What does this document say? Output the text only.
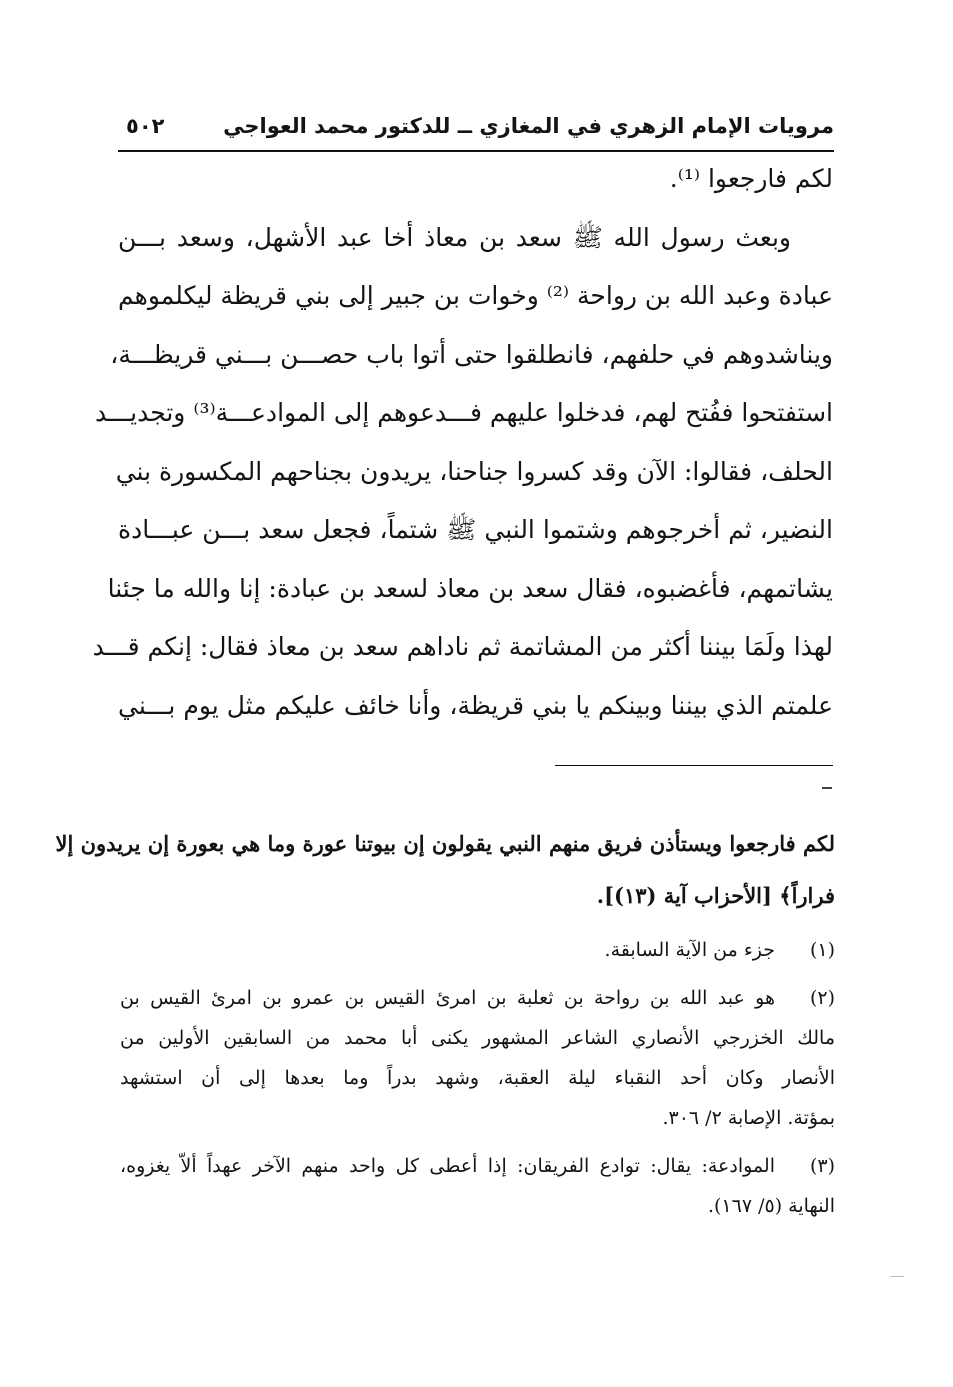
مرويات الإمام الزهري في المغازي ــ للدكتور محمد العواجي
٥٠٢
لكم فارجعوا ⁽¹⁾.
وبعث رسول الله ﷺ سعد بن معاذ أخا عبد الأشهل، وسعد بـــن
عبادة وعبد الله بن رواحة ⁽²⁾ وخوات بن جبير إلى بني قريظة ليكلموهم
ويناشدوهم في حلفهم، فانطلقوا حتى أتوا باب حصـــن بـــني قريظـــة،
استفتحوا ففُتح لهم، فدخلوا عليهم فـــدعوهم إلى الموادعـــة⁽³⁾ وتجديـــد
الحلف، فقالوا: الآن وقد كسروا جناحنا، يريدون بجناحهم المكسورة بني
النضير، ثم أخرجوهم وشتموا النبي ﷺ شتماً، فجعل سعد بـــن عبـــادة
يشاتمهم، فأغضبوه، فقال سعد بن معاذ لسعد بن عبادة: إنا والله ما جئنا
لهذا ولَمَا بيننا أكثر من المشاتمة ثم ناداهم سعد بن معاذ فقال: إنكم قـــد
علمتم الذي بيننا وبينكم يا بني قريظة، وأنا خائف عليكم مثل يوم بـــني
لكم فارجعوا ويستأذن فريق منهم النبي يقولون إن بيوتنا عورة وما هي بعورة إن يريدون إلا
فراراً﴾ [الأحزاب آية (١٣)].
(١)
جزء من الآية السابقة.
(٢)
هو عبد الله بن رواحة بن ثعلبة بن امرئ القيس بن عمرو بن امرئ القيس بن
مالك الخزرجي الأنصاري الشاعر المشهور يكنى أبا محمد من السابقين الأولين من
الأنصار وكان أحد النقباء ليلة العقبة، وشهد بدراً وما بعدها إلى أن استشهد
بمؤتة. الإصابة ٢/ ٣٠٦.
(٣)
الموادعة: يقال: توادع الفريقان: إذا أعطى كل واحد منهم الآخر عهداً ألاّ يغزوه،
النهاية (٥/ ١٦٧).
